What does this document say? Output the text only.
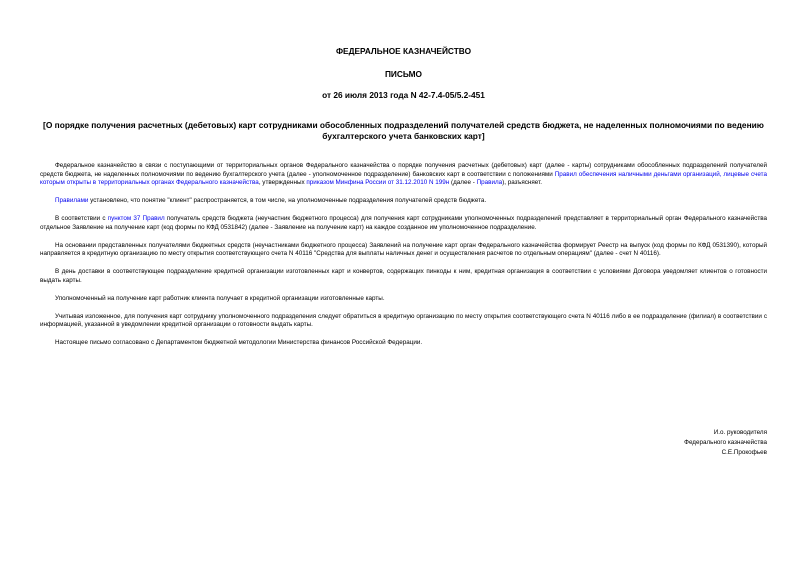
ФЕДЕРАЛЬНОЕ КАЗНАЧЕЙСТВО
ПИСЬМО
от 26 июля 2013 года N 42-7.4-05/5.2-451
[О порядке получения расчетных (дебетовых) карт сотрудниками обособленных подразделений получателей средств бюджета, не наделенных полномочиями по ведению бухгалтерского учета банковских карт]

Федеральное казначейство в связи с поступающими от территориальных органов Федерального казначейства о порядке получения расчетных (дебетовых) карт (далее - карты) сотрудниками обособленных подразделений получателей средств бюджета, не наделенных полномочиями по ведению бухгалтерского учета (далее - уполномоченное подразделение) банковских карт в соответствии с положениями Правил обеспечения наличными деньгами организаций, лицевые счета которым открыты в территориальных органах Федерального казначейства, утвержденных приказом Минфина России от 31.12.2010 N 199н (далее - Правила), разъясняет.

Правилами установлено, что понятие "клиент" распространяется, в том числе, на уполномоченные подразделения получателей средств бюджета.

В соответствии с пунктом 37 Правил получатель средств бюджета (неучастник бюджетного процесса) для получения карт сотрудниками уполномоченных подразделений представляет в территориальный орган Федерального казначейства отдельное Заявление на получение карт (код формы по КФД 0531842) (далее - Заявление на получение карт) на каждое созданное им уполномоченное подразделение.

На основании представленных получателями бюджетных средств (неучастниками бюджетного процесса) Заявлений на получение карт орган Федерального казначейства формирует Реестр на выпуск (код формы по КФД 0531390), который направляется в кредитную организацию по месту открытия соответствующего счета N 40116 "Средства для выплаты наличных денег и осуществления расчетов по отдельным операциям" (далее - счет N 40116).

В день доставки в соответствующее подразделение кредитной организации изготовленных карт и конвертов, содержащих пинкоды к ним, кредитная организация в соответствии с условиями Договора уведомляет клиентов о готовности выдать карты.

Уполномоченный на получение карт работник клиента получает в кредитной организации изготовленные карты.

Учитывая изложенное, для получения карт сотруднику уполномоченного подразделения следует обратиться в кредитную организацию по месту открытия соответствующего счета N 40116 либо в ее подразделение (филиал) в соответствии с информацией, указанной в уведомлении кредитной организации о готовности выдать карты.

Настоящее письмо согласовано с Департаментом бюджетной методологии Министерства финансов Российской Федерации.

И.о. руководителя
Федерального казначейства
С.Е.Прокофьев
